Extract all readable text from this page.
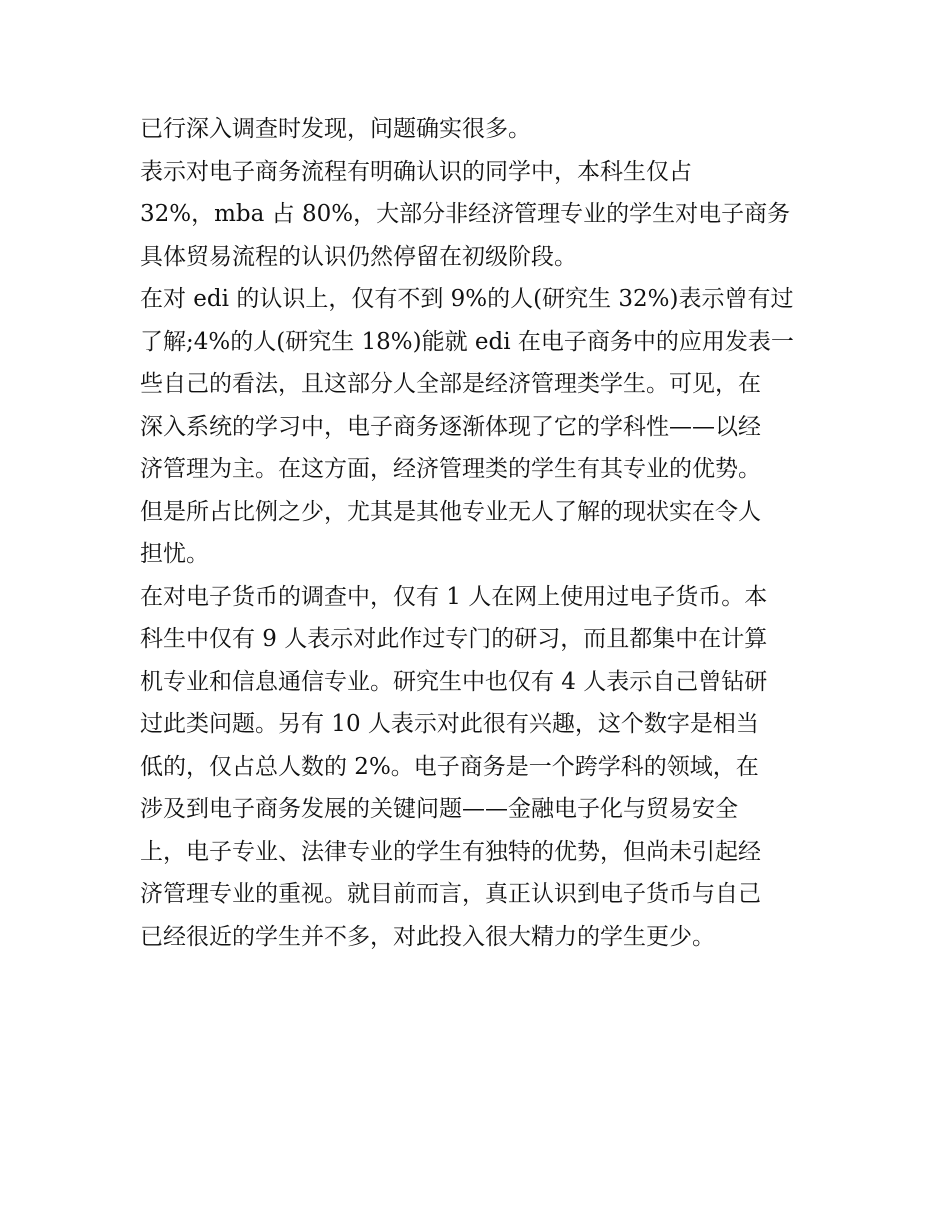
已行深入调查时发现，问题确实很多。
表示对电子商务流程有明确认识的同学中，本科生仅占
32%，mba 占 80%，大部分非经济管理专业的学生对电子商务
具体贸易流程的认识仍然停留在初级阶段。
在对 edi 的认识上，仅有不到 9%的人(研究生 32%)表示曾有过
了解;4%的人(研究生 18%)能就 edi 在电子商务中的应用发表一
些自己的看法，且这部分人全部是经济管理类学生。可见，在
深入系统的学习中，电子商务逐渐体现了它的学科性——以经
济管理为主。在这方面，经济管理类的学生有其专业的优势。
但是所占比例之少，尤其是其他专业无人了解的现状实在令人
担忧。
在对电子货币的调查中，仅有 1 人在网上使用过电子货币。本
科生中仅有 9 人表示对此作过专门的研习，而且都集中在计算
机专业和信息通信专业。研究生中也仅有 4 人表示自己曾钻研
过此类问题。另有 10 人表示对此很有兴趣，这个数字是相当
低的，仅占总人数的 2%。电子商务是一个跨学科的领域，在
涉及到电子商务发展的关键问题——金融电子化与贸易安全
上，电子专业、法律专业的学生有独特的优势，但尚未引起经
济管理专业的重视。就目前而言，真正认识到电子货币与自己
已经很近的学生并不多，对此投入很大精力的学生更少。
